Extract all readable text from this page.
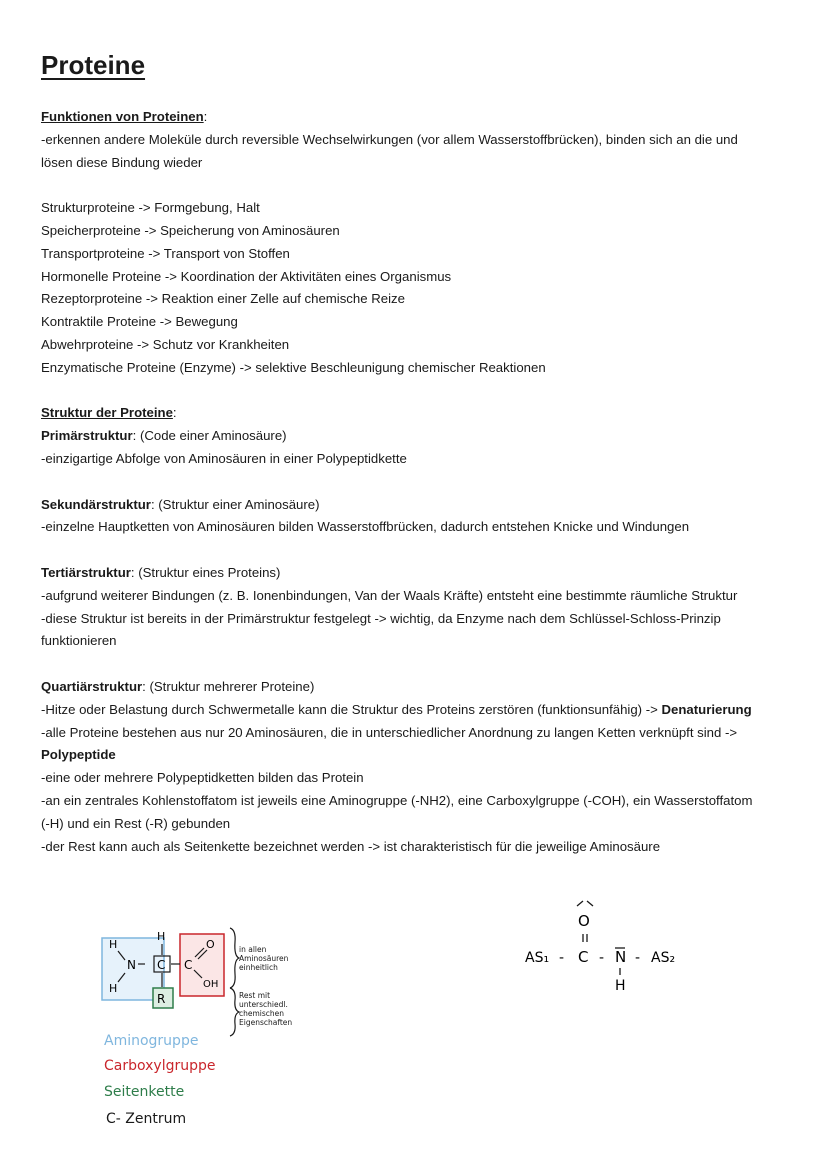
Proteine

Funktionen von Proteinen:

-erkennen andere Moleküle durch reversible Wechselwirkungen (vor allem Wasserstoffbrücken), binden sich an die und

lösen diese Bindung wieder

Strukturproteine -> Formgebung, Halt

Speicherproteine -> Speicherung von Aminosäuren

Transportproteine -> Transport von Stoffen

Hormonelle Proteine -> Koordination der Aktivitäten eines Organismus

Rezeptorproteine -> Reaktion einer Zelle auf chemische Reize

Kontraktile Proteine -> Bewegung

Abwehrproteine -> Schutz vor Krankheiten

Enzymatische Proteine (Enzyme) -> selektive Beschleunigung chemischer Reaktionen

Struktur der Proteine:

Primärstruktur: (Code einer Aminosäure)

-einzigartige Abfolge von Aminosäuren in einer Polypeptidkette

Sekundärstruktur: (Struktur einer Aminosäure)

-einzelne Hauptketten von Aminosäuren bilden Wasserstoffbrücken, dadurch entstehen Knicke und Windungen

Tertiärstruktur: (Struktur eines Proteins)

-aufgrund weiterer Bindungen (z. B. Ionenbindungen, Van der Waals Kräfte) entsteht eine bestimmte räumliche Struktur

-diese Struktur ist bereits in der Primärstruktur festgelegt -> wichtig, da Enzyme nach dem Schlüssel-Schloss-Prinzip

funktionieren

Quartiärstruktur: (Struktur mehrerer Proteine)

-Hitze oder Belastung durch Schwermetalle kann die Struktur des Proteins zerstören (funktionsunfähig) -> Denaturierung

-alle Proteine bestehen aus nur 20 Aminosäuren, die in unterschiedlicher Anordnung zu langen Ketten verknüpft sind ->

Polypeptide

-eine oder mehrere Polypeptidketten bilden das Protein

-an ein zentrales Kohlenstoffatom ist jeweils eine Aminogruppe (-NH2), eine Carboxylgruppe (-COH), ein Wasserstoffatom

(-H) und ein Rest (-R) gebunden

-der Rest kann auch als Seitenkette bezeichnet werden -> ist charakteristisch für die jeweilige Aminosäure

H
H
N
H
C C
O
OH
R
in allen
Aminosäuren
einheitlich
Rest mit
unterschiedl.
chemischen
Eigenschaften
Aminogruppe
Carboxylgruppe
Seitenkette
C- Zentrum
O
AS₁ - C - N - AS₂
H
